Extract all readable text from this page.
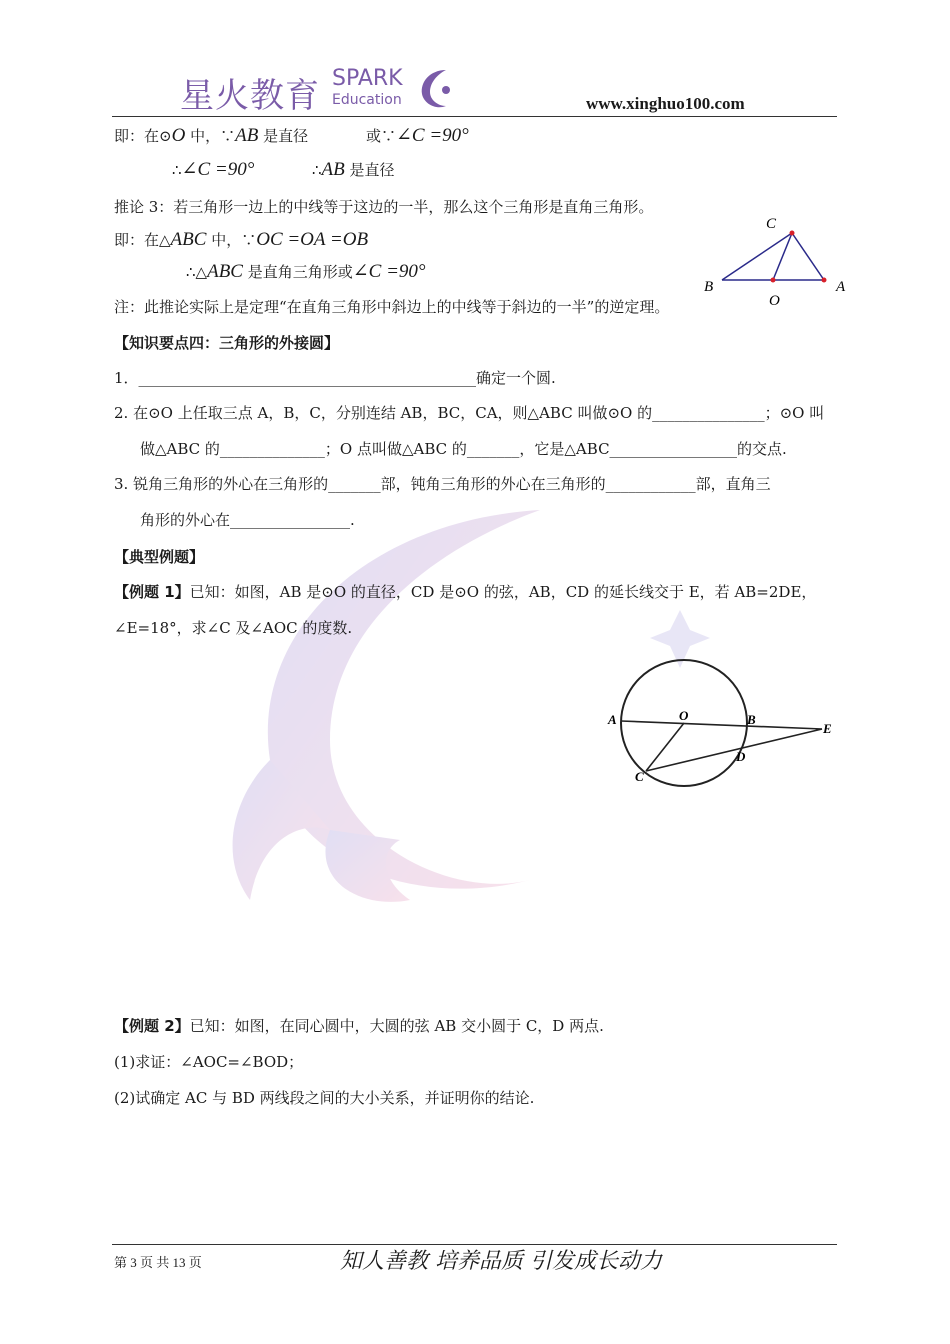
星火教育 SPARK
Education	www.xinghuo100.com
即：在⊙O 中，∵AB 是直径	或∵∠C =90°
∴∠C =90°	∴AB 是直径
推论 3：若三角形一边上的中线等于这边的一半，那么这个三角形是直角三角形。
即：在△ABC 中，∵OC =OA =OB
∴△ABC 是直角三角形或∠C =90°
C
B	A
O
注：此推论实际上是定理“在直角三角形中斜边上的中线等于斜边的一半”的逆定理。
【知识要点四：三角形的外接圆】
1．_____________________________________________确定一个圆.
2. 在⊙O 上任取三点 A，B，C，分别连结 AB，BC，CA，则△ABC 叫做⊙O 的_______________；⊙O 叫
做△ABC 的______________；O 点叫做△ABC 的_______，它是△ABC_________________的交点.
3. 锐角三角形的外心在三角形的_______部，钝角三角形的外心在三角形的____________部，直角三
角形的外心在________________.
【典型例题】
【例题 1】已知：如图，AB 是⊙O 的直径，CD 是⊙O 的弦，AB，CD 的延长线交于 E，若 AB=2DE，
∠E=18°，求∠C 及∠AOC 的度数.
A	O	B
E
D
C
【例题 2】已知：如图，在同心圆中，大圆的弦 AB 交小圆于 C，D 两点.
(1)求证：∠AOC=∠BOD；
(2)试确定 AC 与 BD 两线段之间的大小关系，并证明你的结论.
第 3 页 共 13 页	知人善教 培养品质 引发成长动力
